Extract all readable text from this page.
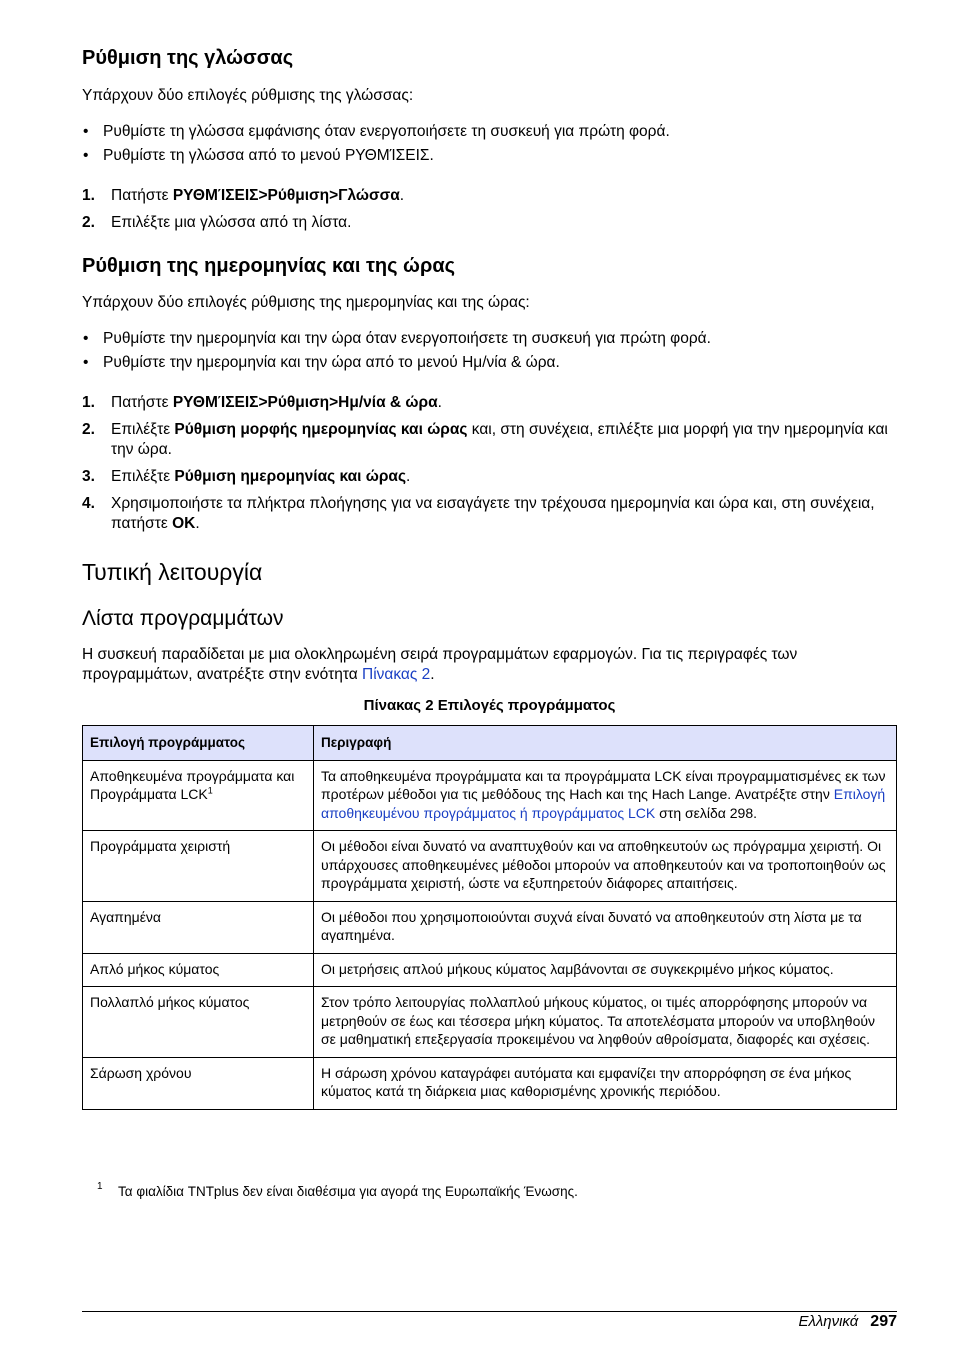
Ρύθμιση της γλώσσας

Υπάρχουν δύο επιλογές ρύθμισης της γλώσσας:

• Ρυθμίστε τη γλώσσα εμφάνισης όταν ενεργοποιήσετε τη συσκευή για πρώτη φορά.
• Ρυθμίστε τη γλώσσα από το μενού ΡΥΘΜΊΣΕΙΣ.
1. Πατήστε ΡΥΘΜΊΣΕΙΣ>Ρύθμιση>Γλώσσα.
2. Επιλέξτε μια γλώσσα από τη λίστα.
Ρύθμιση της ημερομηνίας και της ώρας

Υπάρχουν δύο επιλογές ρύθμισης της ημερομηνίας και της ώρας:

• Ρυθμίστε την ημερομηνία και την ώρα όταν ενεργοποιήσετε τη συσκευή για πρώτη φορά.
• Ρυθμίστε την ημερομηνία και την ώρα από το μενού Ημ/νία & ώρα.
1. Πατήστε ΡΥΘΜΊΣΕΙΣ>Ρύθμιση>Ημ/νία & ώρα.
2. Επιλέξτε Ρύθμιση μορφής ημερομηνίας και ώρας και, στη συνέχεια, επιλέξτε μια μορφή για την ημερομηνία και την ώρα.
3. Επιλέξτε Ρύθμιση ημερομηνίας και ώρας.
4. Χρησιμοποιήστε τα πλήκτρα πλοήγησης για να εισαγάγετε την τρέχουσα ημερομηνία και ώρα και, στη συνέχεια, πατήστε OK.
Τυπική λειτουργία
Λίστα προγραμμάτων

Η συσκευή παραδίδεται με μια ολοκληρωμένη σειρά προγραμμάτων εφαρμογών. Για τις περιγραφές των προγραμμάτων, ανατρέξτε στην ενότητα Πίνακας 2.

Πίνακας 2 Επιλογές προγράμματος
Επιλογή προγράμματος	Περιγραφή
Αποθηκευμένα προγράμματα και Προγράμματα LCK$^1$	Τα αποθηκευμένα προγράμματα και τα προγράμματα LCK είναι προγραμματισμένες εκ των προτέρων μέθοδοι για τις μεθόδους της Hach και της Hach Lange. Ανατρέξτε στην Επιλογή αποθηκευμένου προγράμματος ή προγράμματος LCK στη σελίδα 298.
Προγράμματα χειριστή	Οι μέθοδοι είναι δυνατό να αναπτυχθούν και να αποθηκευτούν ως πρόγραμμα χειριστή. Οι υπάρχουσες αποθηκευμένες μέθοδοι μπορούν να αποθηκευτούν και να τροποποιηθούν ως προγράμματα χειριστή, ώστε να εξυπηρετούν διάφορες απαιτήσεις.
Αγαπημένα	Οι μέθοδοι που χρησιμοποιούνται συχνά είναι δυνατό να αποθηκευτούν στη λίστα με τα αγαπημένα.
Απλό μήκος κύματος	Οι μετρήσεις απλού μήκους κύματος λαμβάνονται σε συγκεκριμένο μήκος κύματος.
Πολλαπλό μήκος κύματος	Στον τρόπο λειτουργίας πολλαπλού μήκους κύματος, οι τιμές απορρόφησης μπορούν να μετρηθούν σε έως και τέσσερα μήκη κύματος. Τα αποτελέσματα μπορούν να υποβληθούν σε μαθηματική επεξεργασία προκειμένου να ληφθούν αθροίσματα, διαφορές και σχέσεις.
Σάρωση χρόνου	Η σάρωση χρόνου καταγράφει αυτόματα και εμφανίζει την απορρόφηση σε ένα μήκος κύματος κατά τη διάρκεια μιας καθορισμένης χρονικής περιόδου.
1 Τα φιαλίδια TNTplus δεν είναι διαθέσιμα για αγορά της Ευρωπαϊκής Ένωσης.
Ελληνικά 297
